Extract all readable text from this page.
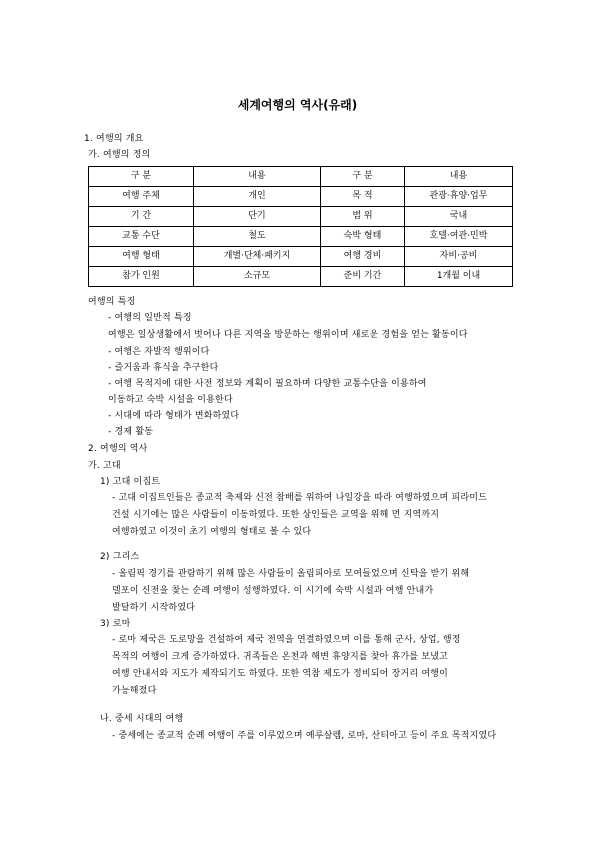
세계여행의 역사(유래)
1. 여행의 개요
가. 여행의 정의
구 분	내용	구 분	내용
여행 주체	개인	목 적	관광·휴양·업무
기 간	단기	범 위	국내
교통 수단	철도	숙박 형태	호텔·여관·민박
여행 형태	개별·단체·패키지	여행 경비	자비·공비
참가 인원	소규모	준비 기간	1개월 이내
여행의 특징
- 여행의 일반적 특징
여행은 일상생활에서 벗어나 다른 지역을 방문하는 행위이며 새로운 경험을 얻는 활동이다
- 여행은 자발적 행위이다
- 즐거움과 휴식을 추구한다
- 여행 목적지에 대한 사전 정보와 계획이 필요하며 다양한 교통수단을 이용하여
이동하고 숙박 시설을 이용한다
- 시대에 따라 형태가 변화하였다
- 경제 활동
2. 여행의 역사
가. 고대
1) 고대 이집트
- 고대 이집트인들은 종교적 축제와 신전 참배를 위하여 나일강을 따라 여행하였으며 피라미드
건설 시기에는 많은 사람들이 이동하였다. 또한 상인들은 교역을 위해 먼 지역까지
여행하였고 이것이 초기 여행의 형태로 볼 수 있다
2) 그리스
- 올림픽 경기를 관람하기 위해 많은 사람들이 올림피아로 모여들었으며 신탁을 받기 위해
델포이 신전을 찾는 순례 여행이 성행하였다. 이 시기에 숙박 시설과 여행 안내가
발달하기 시작하였다
3) 로마
- 로마 제국은 도로망을 건설하여 제국 전역을 연결하였으며 이를 통해 군사, 상업, 행정
목적의 여행이 크게 증가하였다. 귀족들은 온천과 해변 휴양지를 찾아 휴가를 보냈고
여행 안내서와 지도가 제작되기도 하였다. 또한 역참 제도가 정비되어 장거리 여행이
가능해졌다
나. 중세 시대의 여행
- 중세에는 종교적 순례 여행이 주를 이루었으며 예루살렘, 로마, 산티아고 등이 주요 목적지였다
